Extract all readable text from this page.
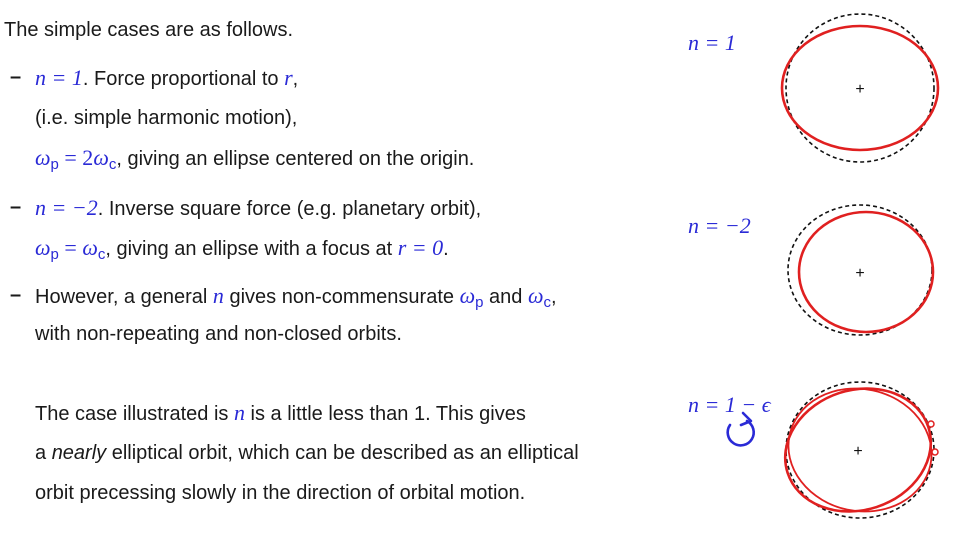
The simple cases are as follows.
– n = 1. Force proportional to r,
(i.e. simple harmonic motion),
$\omega_p = 2\omega_c$, giving an ellipse centered on the origin.
– n = −2. Inverse square force (e.g. planetary orbit),
$\omega_p = \omega_c$, giving an ellipse with a focus at r = 0.
– However, a general n gives non-commensurate $\omega_p$ and $\omega_c$,
with non-repeating and non-closed orbits.
The case illustrated is n is a little less than 1. This gives
a nearly elliptical orbit, which can be described as an elliptical
orbit precessing slowly in the direction of orbital motion.
n = 1
n = −2
n = 1 − ϵ
+
+
+
